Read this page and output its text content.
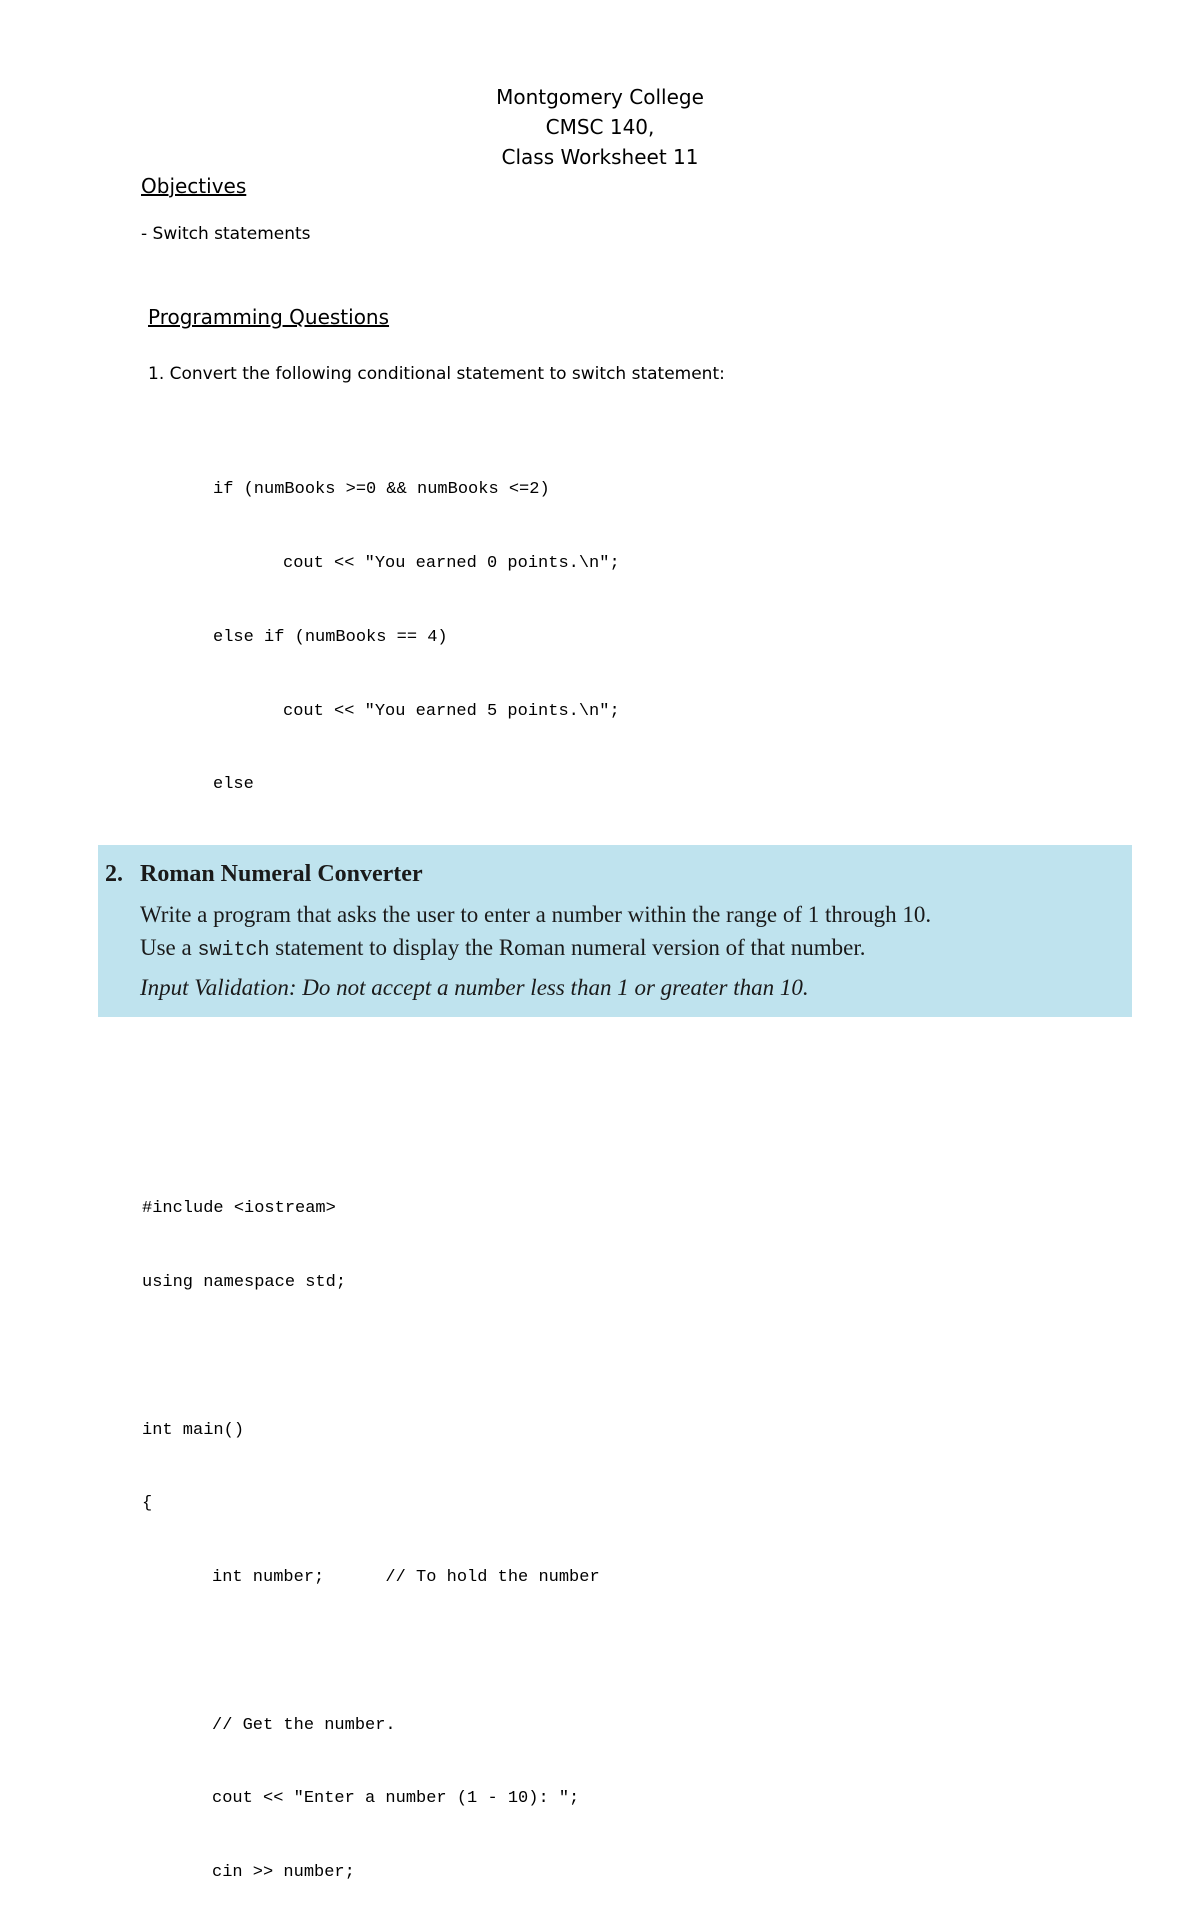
Montgomery College
CMSC 140,
Class Worksheet 11
Objectives
- Switch statements
Programming Questions
1. Convert the following conditional statement to switch statement:

if (numBooks >=0 && numBooks <=2)

cout << "You earned 0 points.\n";

else if (numBooks == 4)

cout << "You earned 5 points.\n";

else

2. Roman Numeral Converter
Write a program that asks the user to enter a number within the range of 1 through 10.
Use a switch statement to display the Roman numeral version of that number.
Input Validation: Do not accept a number less than 1 or greater than 10.

#include <iostream>

using namespace std;

int main()

{

int number;      // To hold the number

// Get the number.

cout << "Enter a number (1 - 10): ";

cin >> number;
